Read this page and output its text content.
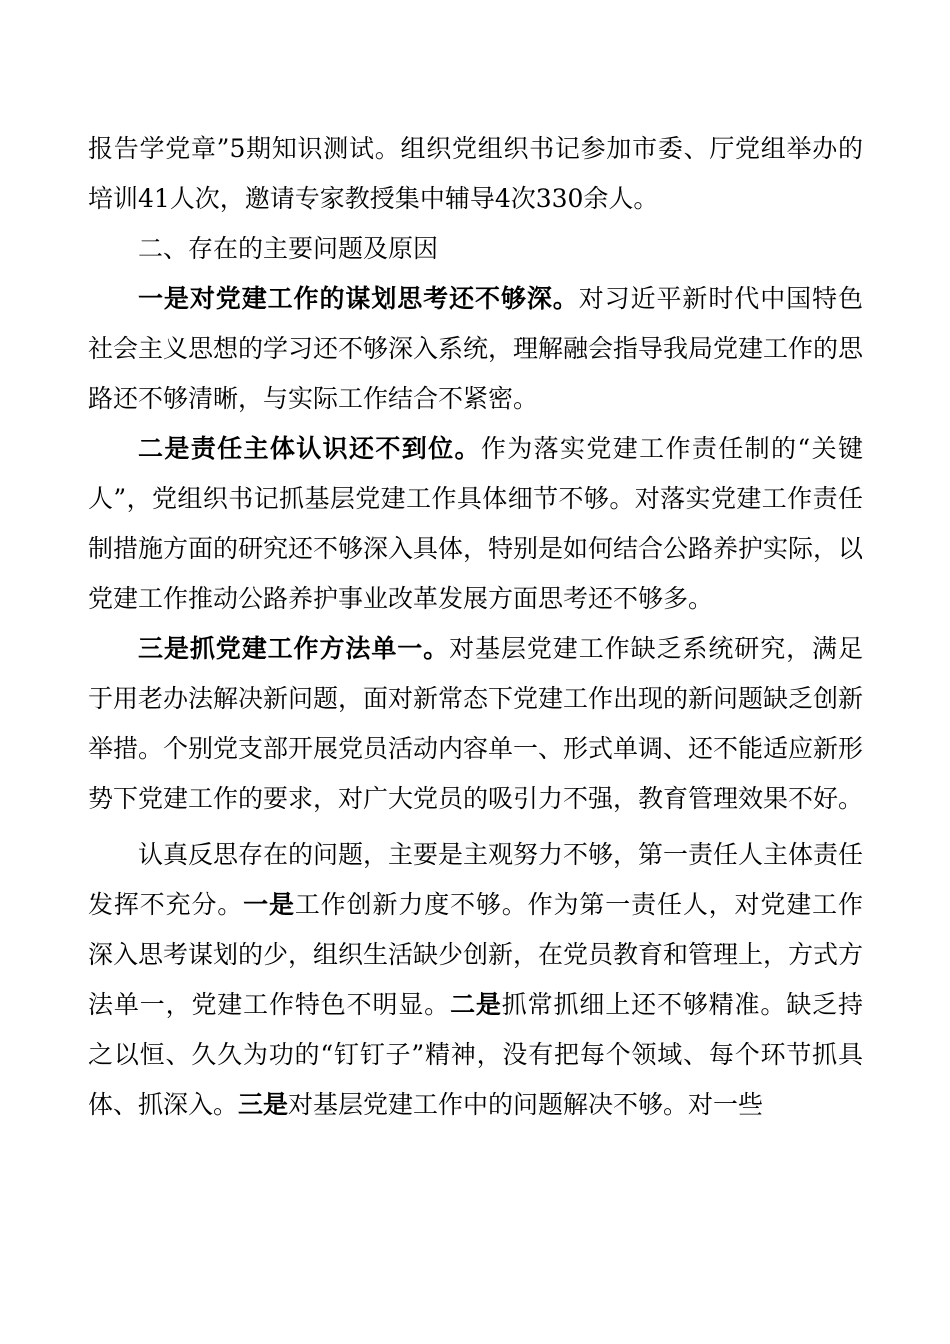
报告学党章”5期知识测试。组织党组织书记参加市委、厅党组举办的培训41人次，邀请专家教授集中辅导4次330余人。

二、存在的主要问题及原因

一是对党建工作的谋划思考还不够深。对习近平新时代中国特色社会主义思想的学习还不够深入系统，理解融会指导我局党建工作的思路还不够清晰，与实际工作结合不紧密。

二是责任主体认识还不到位。作为落实党建工作责任制的“关键人”，党组织书记抓基层党建工作具体细节不够。对落实党建工作责任制措施方面的研究还不够深入具体，特别是如何结合公路养护实际，以党建工作推动公路养护事业改革发展方面思考还不够多。

三是抓党建工作方法单一。对基层党建工作缺乏系统研究，满足于用老办法解决新问题，面对新常态下党建工作出现的新问题缺乏创新举措。个别党支部开展党员活动内容单一、形式单调、还不能适应新形势下党建工作的要求，对广大党员的吸引力不强，教育管理效果不好。

认真反思存在的问题，主要是主观努力不够，第一责任人主体责任发挥不充分。一是工作创新力度不够。作为第一责任人，对党建工作深入思考谋划的少，组织生活缺少创新，在党员教育和管理上，方式方法单一，党建工作特色不明显。二是抓常抓细上还不够精准。缺乏持之以恒、久久为功的“钉钉子”精神，没有把每个领域、每个环节抓具体、抓深入。三是对基层党建工作中的问题解决不够。对一些
